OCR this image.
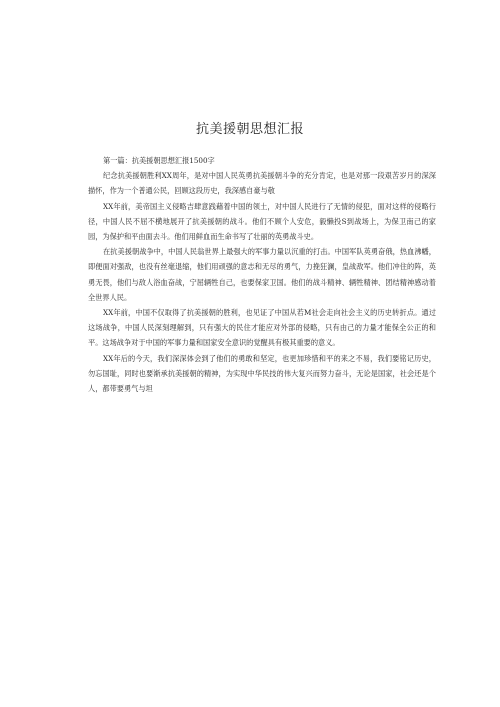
抗美援朝思想汇报

第一篇：抗美援朝思想汇报1500字

纪念抗美援朝胜利XX周年，是对中国人民英勇抗美援朝斗争的充分肯定，也是对那一段艰苦岁月的深深描怀，作为一个普通公民，回顾这段历史，我深感自豪与敬

XX年前，美帝国主义侵略吉肆意践藉着中国的领土，对中国人民进行了无情的侵犯，面对这样的侵略行径，中国人民不屈不横地展开了抗美援朝的战斗。他们不顾个人安危，毅懒投S到战场上，为保卫南己的家园，为保护和平由面去斗。他们用鲜血而生命书写了壮丽的英勇战斗史。

在抗美援朝战争中，中国人民翁世界上最强大的军事力量以沉重的打击。中国军队英勇奋俄，热血沸幡，即便面对强敌，也没有丝毫退缩，他们用顽强的意志和无尽的勇气，力挽狂澜，皇战敌军。他们冲住的阵，英勇无畏，他们与敌人浴血奋战，宁屈辆牲自己，也要保家卫国。他们的战斗精神、辆牲精神、团结精神感动着全世界人民。

XX年前，中国不仅取得了抗美援朝的胜利，也见证了中国从若M社会走向社会主义的历史转折点。通过这场战争，中国人民深刻理解到，只有强大的民住才能应对外部的侵略，只有由己的力量才能保全公正的和平。这场战争对于中国的军事力量和国家安全意识的觉醒具有极其重要的意义。

XX年后的今天，我们深深体会到了他们的勇敢和坚定，也更加珍惜和平的来之不易，我们要铭记历史，勿忘国耻，同时也要渐承抗美援朝的精神，为实现中华民技的伟大复兴而努力奋斗，无论是国家，社会还是个人，都带要勇气与坦
